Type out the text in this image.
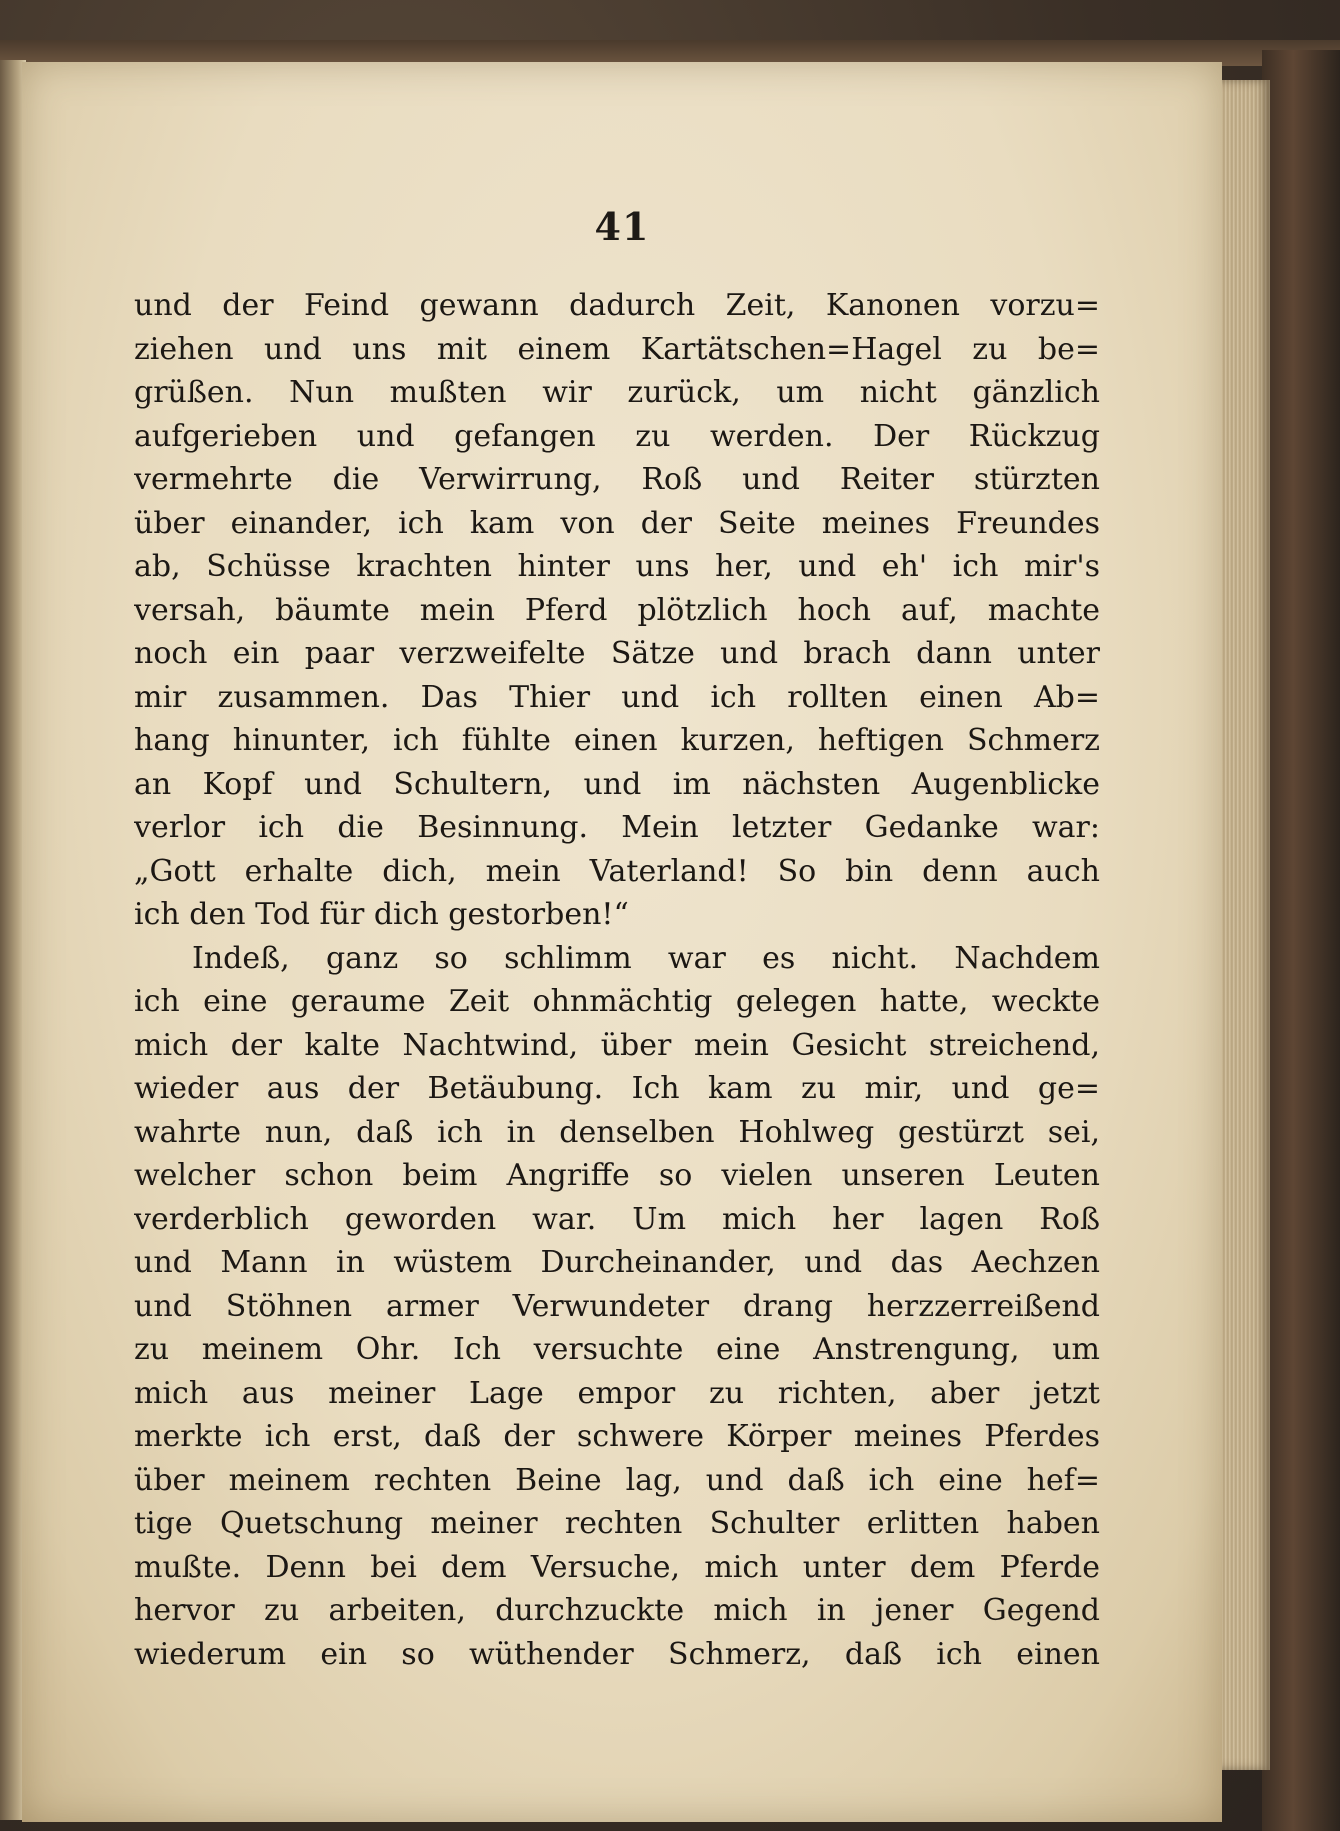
41
und der Feind gewann dadurch Zeit, Kanonen vorzu=
ziehen und uns mit einem Kartätschen=Hagel zu be=
grüßen. Nun mußten wir zurück, um nicht gänzlich
aufgerieben und gefangen zu werden. Der Rückzug
vermehrte die Verwirrung, Roß und Reiter stürzten
über einander, ich kam von der Seite meines Freundes
ab, Schüsse krachten hinter uns her, und eh' ich mir's
versah, bäumte mein Pferd plötzlich hoch auf, machte
noch ein paar verzweifelte Sätze und brach dann unter
mir zusammen. Das Thier und ich rollten einen Ab=
hang hinunter, ich fühlte einen kurzen, heftigen Schmerz
an Kopf und Schultern, und im nächsten Augenblicke
verlor ich die Besinnung. Mein letzter Gedanke war:
„Gott erhalte dich, mein Vaterland! So bin denn auch
ich den Tod für dich gestorben!“
Indeß, ganz so schlimm war es nicht. Nachdem
ich eine geraume Zeit ohnmächtig gelegen hatte, weckte
mich der kalte Nachtwind, über mein Gesicht streichend,
wieder aus der Betäubung. Ich kam zu mir, und ge=
wahrte nun, daß ich in denselben Hohlweg gestürzt sei,
welcher schon beim Angriffe so vielen unseren Leuten
verderblich geworden war. Um mich her lagen Roß
und Mann in wüstem Durcheinander, und das Aechzen
und Stöhnen armer Verwundeter drang herzzerreißend
zu meinem Ohr. Ich versuchte eine Anstrengung, um
mich aus meiner Lage empor zu richten, aber jetzt
merkte ich erst, daß der schwere Körper meines Pferdes
über meinem rechten Beine lag, und daß ich eine hef=
tige Quetschung meiner rechten Schulter erlitten haben
mußte. Denn bei dem Versuche, mich unter dem Pferde
hervor zu arbeiten, durchzuckte mich in jener Gegend
wiederum ein so wüthender Schmerz, daß ich einen
